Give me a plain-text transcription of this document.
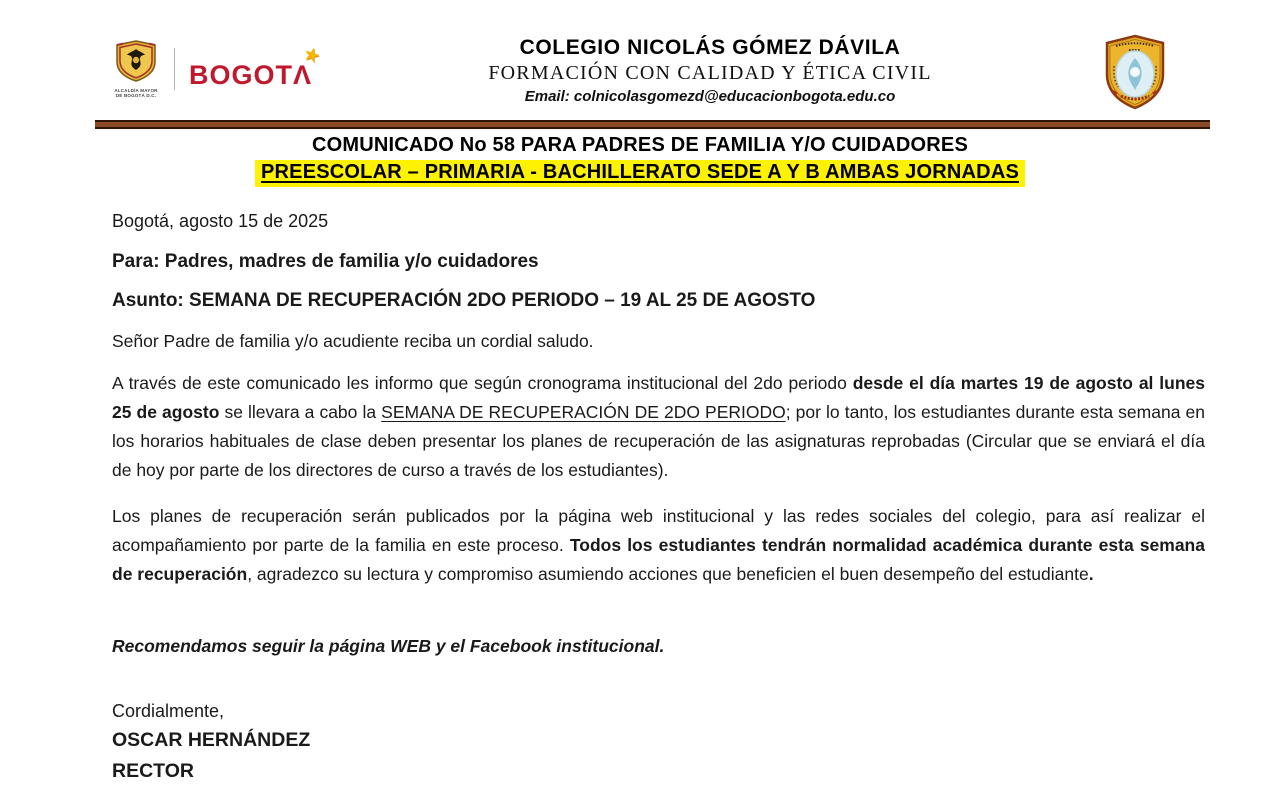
ALCALDÍA MAYOR
DE BOGOTÁ D.C.
★
BOGOTΛ
COLEGIO NICOLÁS GÓMEZ DÁVILA
FORMACIÓN CON CALIDAD Y ÉTICA CIVIL
Email: colnicolasgomezd@educacionbogota.edu.co
COMUNICADO No 58 PARA PADRES DE FAMILIA Y/O CUIDADORES
PREESCOLAR – PRIMARIA - BACHILLERATO SEDE A Y B AMBAS JORNADAS

Bogotá, agosto 15 de 2025

Para: Padres, madres de familia y/o cuidadores

Asunto: SEMANA DE RECUPERACIÓN 2DO PERIODO – 19 AL 25 DE AGOSTO

Señor Padre de familia y/o acudiente reciba un cordial saludo.

A través de este comunicado les informo que según cronograma institucional del 2do periodo desde el día martes 19 de agosto al lunes 25 de agosto se llevara a cabo la SEMANA DE RECUPERACIÓN DE 2DO PERIODO; por lo tanto, los estudiantes durante esta semana en los horarios habituales de clase deben presentar los planes de recuperación de las asignaturas reprobadas (Circular que se enviará el día de hoy por parte de los directores de curso a través de los estudiantes).

Los planes de recuperación serán publicados por la página web institucional y las redes sociales del colegio, para así realizar el acompañamiento por parte de la familia en este proceso. Todos los estudiantes tendrán normalidad académica durante esta semana de recuperación, agradezco su lectura y compromiso asumiendo acciones que beneficien el buen desempeño del estudiante.

Recomendamos seguir la página WEB y el Facebook institucional.

Cordialmente,

OSCAR HERNÁNDEZ

RECTOR
